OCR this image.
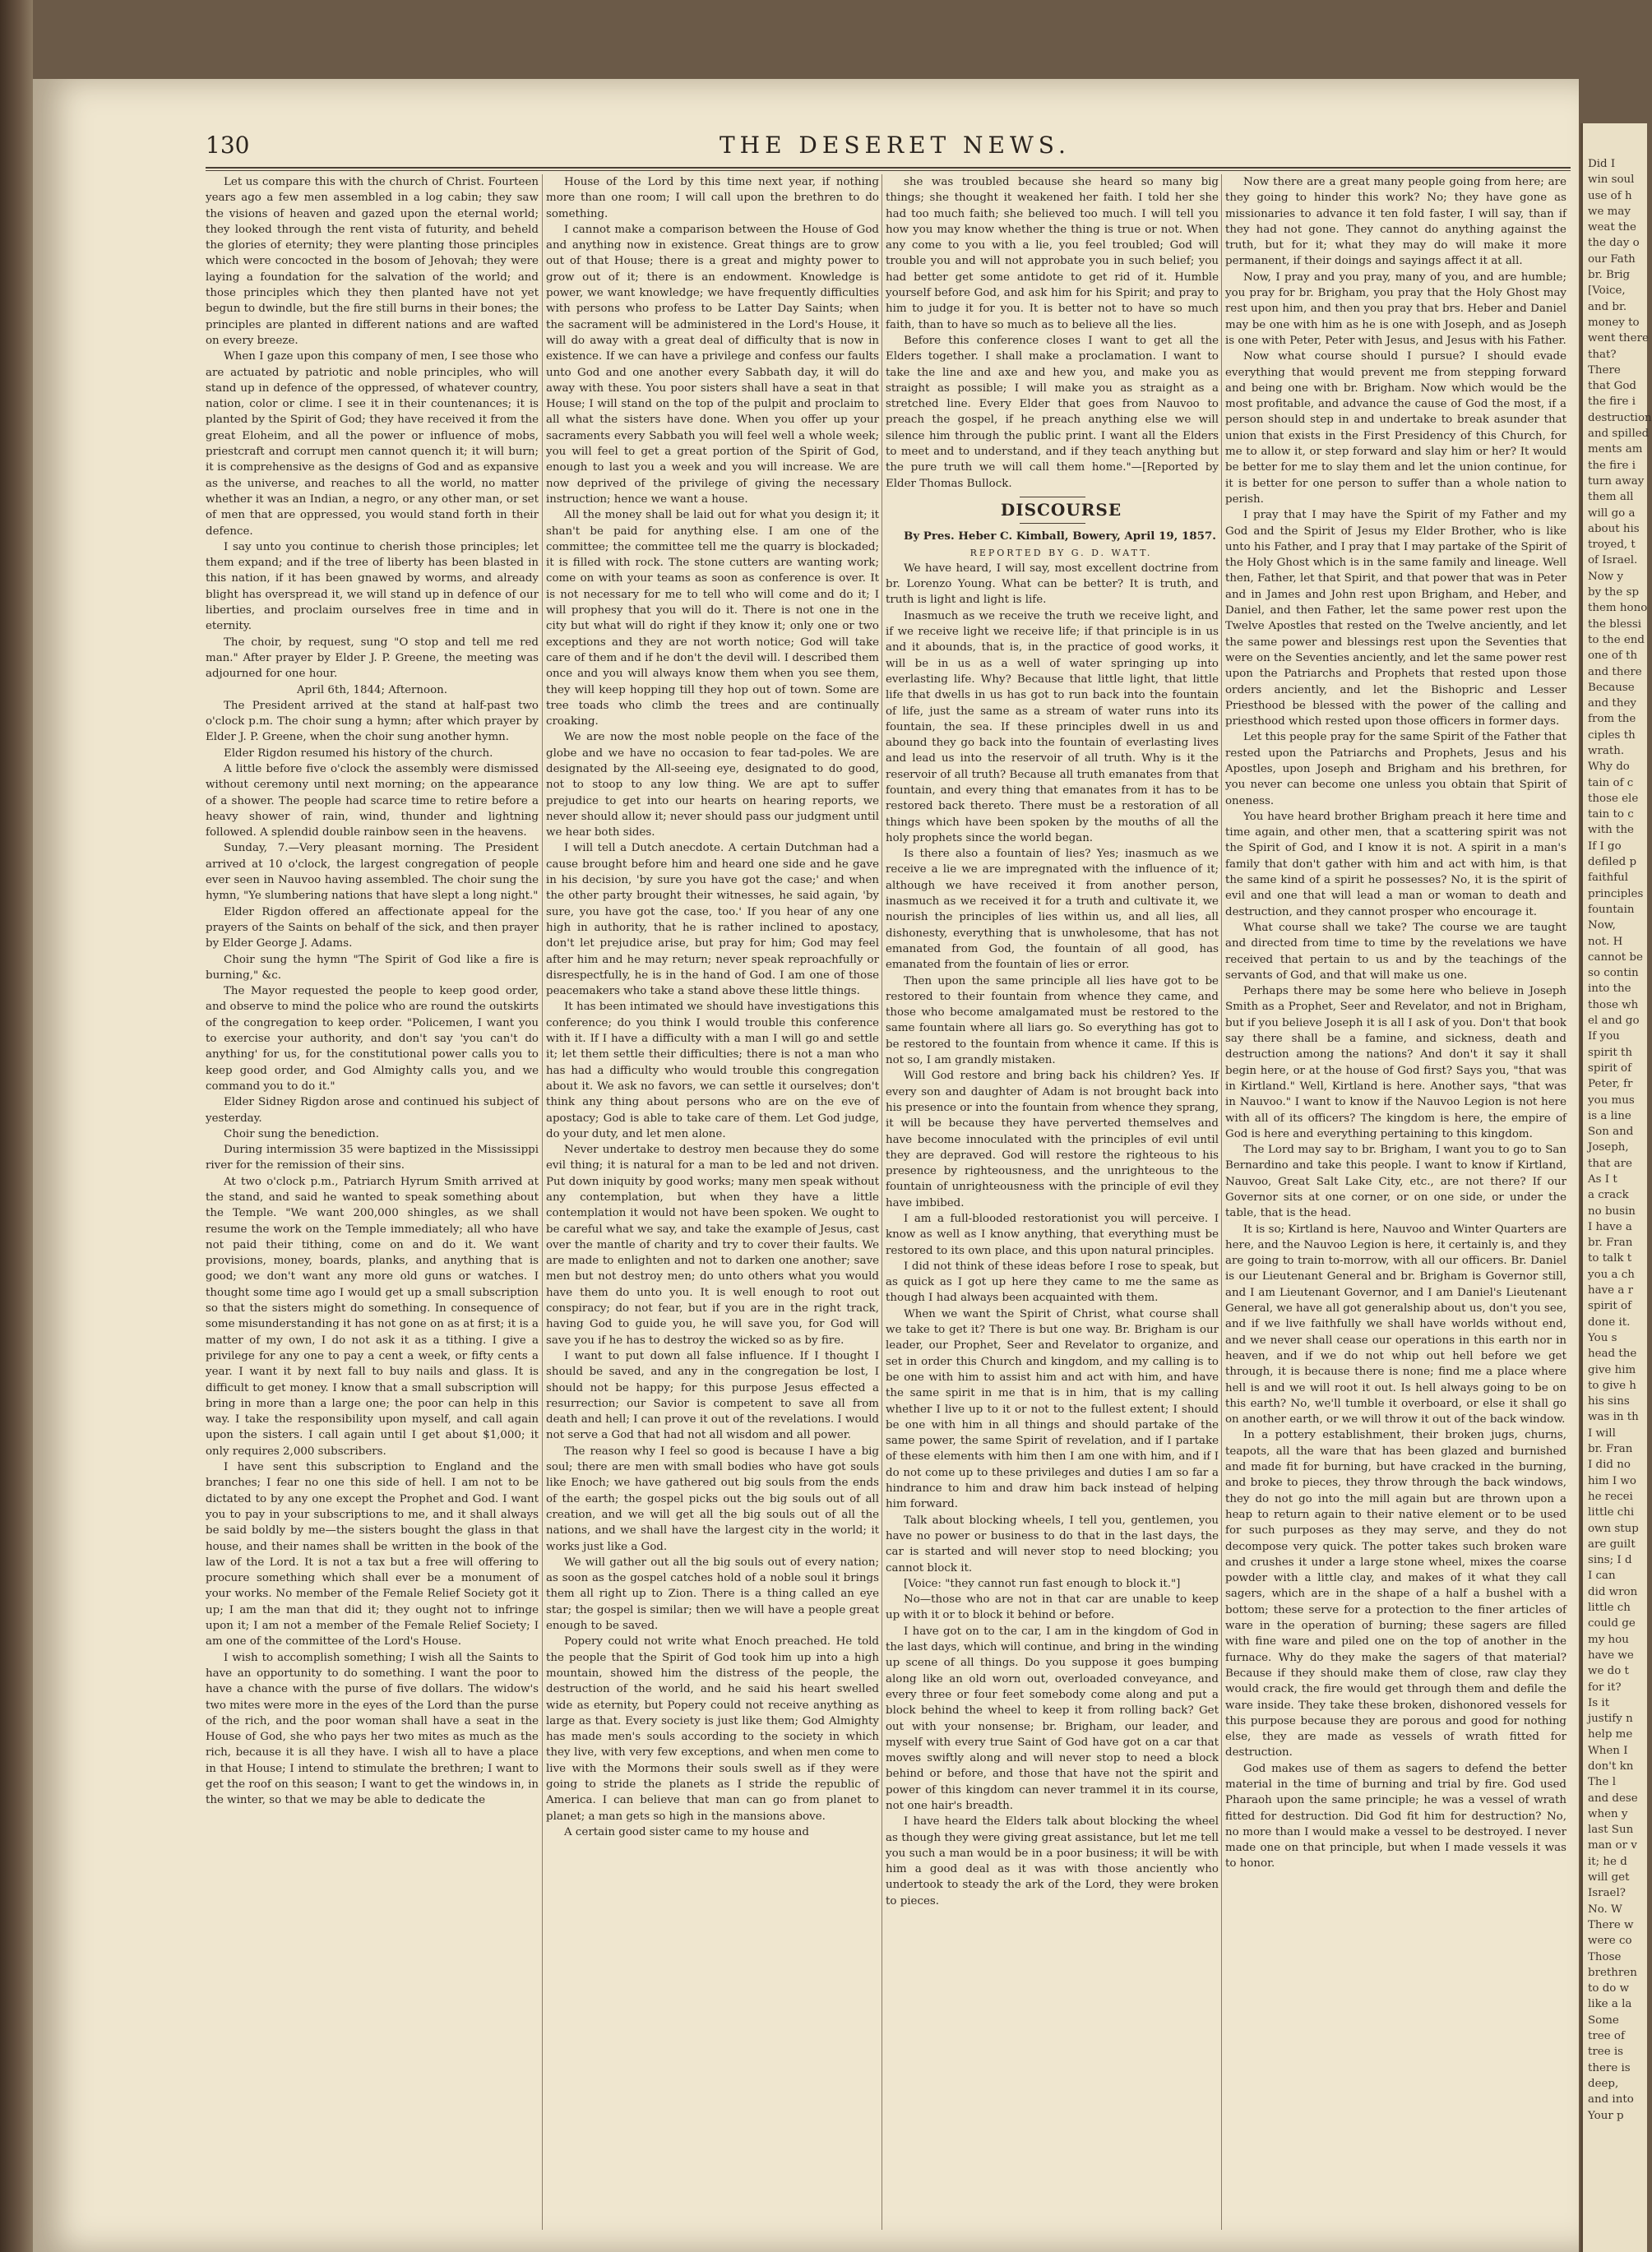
130	THE DESERET NEWS.

Let us compare this with the church of Christ. Fourteen years ago a few men assembled in a log cabin; they saw the visions of heaven and gazed upon the eternal world; they looked through the rent vista of futurity, and beheld the glories of eternity; they were planting those principles which were concocted in the bosom of Jehovah; they were laying a foundation for the salvation of the world; and those principles which they then planted have not yet begun to dwindle, but the fire still burns in their bones; the principles are planted in different nations and are wafted on every breeze.

When I gaze upon this company of men, I see those who are actuated by patriotic and noble principles, who will stand up in defence of the oppressed, of whatever country, nation, color or clime. I see it in their countenances; it is planted by the Spirit of God; they have received it from the great Eloheim, and all the power or influence of mobs, priestcraft and corrupt men cannot quench it; it will burn; it is comprehensive as the designs of God and as expansive as the universe, and reaches to all the world, no matter whether it was an Indian, a negro, or any other man, or set of men that are oppressed, you would stand forth in their defence.

I say unto you continue to cherish those principles; let them expand; and if the tree of liberty has been blasted in this nation, if it has been gnawed by worms, and already blight has overspread it, we will stand up in defence of our liberties, and proclaim ourselves free in time and in eternity.

The choir, by request, sung "O stop and tell me red man." After prayer by Elder J. P. Greene, the meeting was adjourned for one hour.

April 6th, 1844; Afternoon.

The President arrived at the stand at half-past two o'clock p.m. The choir sung a hymn; after which prayer by Elder J. P. Greene, when the choir sung another hymn.

Elder Rigdon resumed his history of the church.

A little before five o'clock the assembly were dismissed without ceremony until next morning; on the appearance of a shower. The people had scarce time to retire before a heavy shower of rain, wind, thunder and lightning followed. A splendid double rainbow seen in the heavens.

Sunday, 7.—Very pleasant morning. The President arrived at 10 o'clock, the largest congregation of people ever seen in Nauvoo having assembled. The choir sung the hymn, "Ye slumbering nations that have slept a long night."

Elder Rigdon offered an affectionate appeal for the prayers of the Saints on behalf of the sick, and then prayer by Elder George J. Adams.

Choir sung the hymn "The Spirit of God like a fire is burning," &c.

The Mayor requested the people to keep good order, and observe to mind the police who are round the outskirts of the congregation to keep order. "Policemen, I want you to exercise your authority, and don't say 'you can't do anything' for us, for the constitutional power calls you to keep good order, and God Almighty calls you, and we command you to do it."

Elder Sidney Rigdon arose and continued his subject of yesterday.

Choir sung the benediction.

During intermission 35 were baptized in the Mississippi river for the remission of their sins.

At two o'clock p.m., Patriarch Hyrum Smith arrived at the stand, and said he wanted to speak something about the Temple. "We want 200,000 shingles, as we shall resume the work on the Temple immediately; all who have not paid their tithing, come on and do it. We want provisions, money, boards, planks, and anything that is good; we don't want any more old guns or watches. I thought some time ago I would get up a small subscription so that the sisters might do something. In consequence of some misunderstanding it has not gone on as at first; it is a matter of my own, I do not ask it as a tithing. I give a privilege for any one to pay a cent a week, or fifty cents a year. I want it by next fall to buy nails and glass. It is difficult to get money. I know that a small subscription will bring in more than a large one; the poor can help in this way. I take the responsibility upon myself, and call again upon the sisters. I call again until I get about $1,000; it only requires 2,000 subscribers.

I have sent this subscription to England and the branches; I fear no one this side of hell. I am not to be dictated to by any one except the Prophet and God. I want you to pay in your subscriptions to me, and it shall always be said boldly by me—the sisters bought the glass in that house, and their names shall be written in the book of the law of the Lord. It is not a tax but a free will offering to procure something which shall ever be a monument of your works. No member of the Female Relief Society got it up; I am the man that did it; they ought not to infringe upon it; I am not a member of the Female Relief Society; I am one of the committee of the Lord's House.

I wish to accomplish something; I wish all the Saints to have an opportunity to do something. I want the poor to have a chance with the purse of five dollars. The widow's two mites were more in the eyes of the Lord than the purse of the rich, and the poor woman shall have a seat in the House of God, she who pays her two mites as much as the rich, because it is all they have. I wish all to have a place in that House; I intend to stimulate the brethren; I want to get the roof on this season; I want to get the windows in, in the winter, so that we may be able to dedicate the

House of the Lord by this time next year, if nothing more than one room; I will call upon the brethren to do something.

I cannot make a comparison between the House of God and anything now in existence. Great things are to grow out of that House; there is a great and mighty power to grow out of it; there is an endowment. Knowledge is power, we want knowledge; we have frequently difficulties with persons who profess to be Latter Day Saints; when the sacrament will be administered in the Lord's House, it will do away with a great deal of difficulty that is now in existence. If we can have a privilege and confess our faults unto God and one another every Sabbath day, it will do away with these. You poor sisters shall have a seat in that House; I will stand on the top of the pulpit and proclaim to all what the sisters have done. When you offer up your sacraments every Sabbath you will feel well a whole week; you will feel to get a great portion of the Spirit of God, enough to last you a week and you will increase. We are now deprived of the privilege of giving the necessary instruction; hence we want a house.

All the money shall be laid out for what you design it; it shan't be paid for anything else. I am one of the committee; the committee tell me the quarry is blockaded; it is filled with rock. The stone cutters are wanting work; come on with your teams as soon as conference is over. It is not necessary for me to tell who will come and do it; I will prophesy that you will do it. There is not one in the city but what will do right if they know it; only one or two exceptions and they are not worth notice; God will take care of them and if he don't the devil will. I described them once and you will always know them when you see them, they will keep hopping till they hop out of town. Some are tree toads who climb the trees and are continually croaking.

We are now the most noble people on the face of the globe and we have no occasion to fear tad-poles. We are designated by the All-seeing eye, designated to do good, not to stoop to any low thing. We are apt to suffer prejudice to get into our hearts on hearing reports, we never should allow it; never should pass our judgment until we hear both sides.

I will tell a Dutch anecdote. A certain Dutchman had a cause brought before him and heard one side and he gave in his decision, 'by sure you have got the case;' and when the other party brought their witnesses, he said again, 'by sure, you have got the case, too.' If you hear of any one high in authority, that he is rather inclined to apostacy, don't let prejudice arise, but pray for him; God may feel after him and he may return; never speak reproachfully or disrespectfully, he is in the hand of God. I am one of those peacemakers who take a stand above these little things.

It has been intimated we should have investigations this conference; do you think I would trouble this conference with it. If I have a difficulty with a man I will go and settle it; let them settle their difficulties; there is not a man who has had a difficulty who would trouble this congregation about it. We ask no favors, we can settle it ourselves; don't think any thing about persons who are on the eve of apostacy; God is able to take care of them. Let God judge, do your duty, and let men alone.

Never undertake to destroy men because they do some evil thing; it is natural for a man to be led and not driven. Put down iniquity by good works; many men speak without any contemplation, but when they have a little contemplation it would not have been spoken. We ought to be careful what we say, and take the example of Jesus, cast over the mantle of charity and try to cover their faults. We are made to enlighten and not to darken one another; save men but not destroy men; do unto others what you would have them do unto you. It is well enough to root out conspiracy; do not fear, but if you are in the right track, having God to guide you, he will save you, for God will save you if he has to destroy the wicked so as by fire.

I want to put down all false influence. If I thought I should be saved, and any in the congregation be lost, I should not be happy; for this purpose Jesus effected a resurrection; our Savior is competent to save all from death and hell; I can prove it out of the revelations. I would not serve a God that had not all wisdom and all power.

The reason why I feel so good is because I have a big soul; there are men with small bodies who have got souls like Enoch; we have gathered out big souls from the ends of the earth; the gospel picks out the big souls out of all creation, and we will get all the big souls out of all the nations, and we shall have the largest city in the world; it works just like a God.

We will gather out all the big souls out of every nation; as soon as the gospel catches hold of a noble soul it brings them all right up to Zion. There is a thing called an eye star; the gospel is similar; then we will have a people great enough to be saved.

Popery could not write what Enoch preached. He told the people that the Spirit of God took him up into a high mountain, showed him the distress of the people, the destruction of the world, and he said his heart swelled wide as eternity, but Popery could not receive anything as large as that. Every society is just like them; God Almighty has made men's souls according to the society in which they live, with very few exceptions, and when men come to live with the Mormons their souls swell as if they were going to stride the planets as I stride the republic of America. I can believe that man can go from planet to planet; a man gets so high in the mansions above.

A certain good sister came to my house and

she was troubled because she heard so many big things; she thought it weakened her faith. I told her she had too much faith; she believed too much. I will tell you how you may know whether the thing is true or not. When any come to you with a lie, you feel troubled; God will trouble you and will not approbate you in such belief; you had better get some antidote to get rid of it. Humble yourself before God, and ask him for his Spirit; and pray to him to judge it for you. It is better not to have so much faith, than to have so much as to believe all the lies.

Before this conference closes I want to get all the Elders together. I shall make a proclamation. I want to take the line and axe and hew you, and make you as straight as possible; I will make you as straight as a stretched line. Every Elder that goes from Nauvoo to preach the gospel, if he preach anything else we will silence him through the public print. I want all the Elders to meet and to understand, and if they teach anything but the pure truth we will call them home."—[Reported by Elder Thomas Bullock.

DISCOURSE

By Pres. Heber C. Kimball, Bowery, April 19, 1857.

REPORTED BY G. D. WATT.

We have heard, I will say, most excellent doctrine from br. Lorenzo Young. What can be better? It is truth, and truth is light and light is life.

Inasmuch as we receive the truth we receive light, and if we receive light we receive life; if that principle is in us and it abounds, that is, in the practice of good works, it will be in us as a well of water springing up into everlasting life. Why? Because that little light, that little life that dwells in us has got to run back into the fountain of life, just the same as a stream of water runs into its fountain, the sea. If these principles dwell in us and abound they go back into the fountain of everlasting lives and lead us into the reservoir of all truth. Why is it the reservoir of all truth? Because all truth emanates from that fountain, and every thing that emanates from it has to be restored back thereto. There must be a restoration of all things which have been spoken by the mouths of all the holy prophets since the world began.

Is there also a fountain of lies? Yes; inasmuch as we receive a lie we are impregnated with the influence of it; although we have received it from another person, inasmuch as we received it for a truth and cultivate it, we nourish the principles of lies within us, and all lies, all dishonesty, everything that is unwholesome, that has not emanated from God, the fountain of all good, has emanated from the fountain of lies or error.

Then upon the same principle all lies have got to be restored to their fountain from whence they came, and those who become amalgamated must be restored to the same fountain where all liars go. So everything has got to be restored to the fountain from whence it came. If this is not so, I am grandly mistaken.

Will God restore and bring back his children? Yes. If every son and daughter of Adam is not brought back into his presence or into the fountain from whence they sprang, it will be because they have perverted themselves and have become innoculated with the principles of evil until they are depraved. God will restore the righteous to his presence by righteousness, and the unrighteous to the fountain of unrighteousness with the principle of evil they have imbibed.

I am a full-blooded restorationist you will perceive. I know as well as I know anything, that everything must be restored to its own place, and this upon natural principles.

I did not think of these ideas before I rose to speak, but as quick as I got up here they came to me the same as though I had always been acquainted with them.

When we want the Spirit of Christ, what course shall we take to get it? There is but one way. Br. Brigham is our leader, our Prophet, Seer and Revelator to organize, and set in order this Church and kingdom, and my calling is to be one with him to assist him and act with him, and have the same spirit in me that is in him, that is my calling whether I live up to it or not to the fullest extent; I should be one with him in all things and should partake of the same power, the same Spirit of revelation, and if I partake of these elements with him then I am one with him, and if I do not come up to these privileges and duties I am so far a hindrance to him and draw him back instead of helping him forward.

Talk about blocking wheels, I tell you, gentlemen, you have no power or business to do that in the last days, the car is started and will never stop to need blocking; you cannot block it.

[Voice: "they cannot run fast enough to block it."]

No—those who are not in that car are unable to keep up with it or to block it behind or before.

I have got on to the car, I am in the kingdom of God in the last days, which will continue, and bring in the winding up scene of all things. Do you suppose it goes bumping along like an old worn out, overloaded conveyance, and every three or four feet somebody come along and put a block behind the wheel to keep it from rolling back? Get out with your nonsense; br. Brigham, our leader, and myself with every true Saint of God have got on a car that moves swiftly along and will never stop to need a block behind or before, and those that have not the spirit and power of this kingdom can never trammel it in its course, not one hair's breadth.

I have heard the Elders talk about blocking the wheel as though they were giving great assistance, but let me tell you such a man would be in a poor business; it will be with him a good deal as it was with those anciently who undertook to steady the ark of the Lord, they were broken to pieces.

Now there are a great many people going from here; are they going to hinder this work? No; they have gone as missionaries to advance it ten fold faster, I will say, than if they had not gone. They cannot do anything against the truth, but for it; what they may do will make it more permanent, if their doings and sayings affect it at all.

Now, I pray and you pray, many of you, and are humble; you pray for br. Brigham, you pray that the Holy Ghost may rest upon him, and then you pray that brs. Heber and Daniel may be one with him as he is one with Joseph, and as Joseph is one with Peter, Peter with Jesus, and Jesus with his Father.

Now what course should I pursue? I should evade everything that would prevent me from stepping forward and being one with br. Brigham. Now which would be the most profitable, and advance the cause of God the most, if a person should step in and undertake to break asunder that union that exists in the First Presidency of this Church, for me to allow it, or step forward and slay him or her? It would be better for me to slay them and let the union continue, for it is better for one person to suffer than a whole nation to perish.

I pray that I may have the Spirit of my Father and my God and the Spirit of Jesus my Elder Brother, who is like unto his Father, and I pray that I may partake of the Spirit of the Holy Ghost which is in the same family and lineage. Well then, Father, let that Spirit, and that power that was in Peter and in James and John rest upon Brigham, and Heber, and Daniel, and then Father, let the same power rest upon the Twelve Apostles that rested on the Twelve anciently, and let the same power and blessings rest upon the Seventies that were on the Seventies anciently, and let the same power rest upon the Patriarchs and Prophets that rested upon those orders anciently, and let the Bishopric and Lesser Priesthood be blessed with the power of the calling and priesthood which rested upon those officers in former days.

Let this people pray for the same Spirit of the Father that rested upon the Patriarchs and Prophets, Jesus and his Apostles, upon Joseph and Brigham and his brethren, for you never can become one unless you obtain that Spirit of oneness.

You have heard brother Brigham preach it here time and time again, and other men, that a scattering spirit was not the Spirit of God, and I know it is not. A spirit in a man's family that don't gather with him and act with him, is that the same kind of a spirit he possesses? No, it is the spirit of evil and one that will lead a man or woman to death and destruction, and they cannot prosper who encourage it.

What course shall we take? The course we are taught and directed from time to time by the revelations we have received that pertain to us and by the teachings of the servants of God, and that will make us one.

Perhaps there may be some here who believe in Joseph Smith as a Prophet, Seer and Revelator, and not in Brigham, but if you believe Joseph it is all I ask of you. Don't that book say there shall be a famine, and sickness, death and destruction among the nations? And don't it say it shall begin here, or at the house of God first? Says you, "that was in Kirtland." Well, Kirtland is here. Another says, "that was in Nauvoo." I want to know if the Nauvoo Legion is not here with all of its officers? The kingdom is here, the empire of God is here and everything pertaining to this kingdom.

The Lord may say to br. Brigham, I want you to go to San Bernardino and take this people. I want to know if Kirtland, Nauvoo, Great Salt Lake City, etc., are not there? If our Governor sits at one corner, or on one side, or under the table, that is the head.

It is so; Kirtland is here, Nauvoo and Winter Quarters are here, and the Nauvoo Legion is here, it certainly is, and they are going to train to-morrow, with all our officers. Br. Daniel is our Lieutenant General and br. Brigham is Governor still, and I am Lieutenant Governor, and I am Daniel's Lieutenant General, we have all got generalship about us, don't you see, and if we live faithfully we shall have worlds without end, and we never shall cease our operations in this earth nor in heaven, and if we do not whip out hell before we get through, it is because there is none; find me a place where hell is and we will root it out. Is hell always going to be on this earth? No, we'll tumble it overboard, or else it shall go on another earth, or we will throw it out of the back window.

In a pottery establishment, their broken jugs, churns, teapots, all the ware that has been glazed and burnished and made fit for burning, but have cracked in the burning, and broke to pieces, they throw through the back windows, they do not go into the mill again but are thrown upon a heap to return again to their native element or to be used for such purposes as they may serve, and they do not decompose very quick. The potter takes such broken ware and crushes it under a large stone wheel, mixes the coarse powder with a little clay, and makes of it what they call sagers, which are in the shape of a half a bushel with a bottom; these serve for a protection to the finer articles of ware in the operation of burning; these sagers are filled with fine ware and piled one on the top of another in the furnace. Why do they make the sagers of that material? Because if they should make them of close, raw clay they would crack, the fire would get through them and defile the ware inside. They take these broken, dishonored vessels for this purpose because they are porous and good for nothing else, they are made as vessels of wrath fitted for destruction.

God makes use of them as sagers to defend the better material in the time of burning and trial by fire. God used Pharaoh upon the same principle; he was a vessel of wrath fitted for destruction. Did God fit him for destruction? No, no more than I would make a vessel to be destroyed. I never made one on that principle, but when I made vessels it was to honor.

Did I
win soul
use of h
we may
weat the
the day o
our Fath
br. Brig
[Voice,
and br.
money to
went there
that?
There
that God
the fire i
destruction
and spilled
ments am
the fire i
turn away
them all
will go a
about his
troyed, t
of Israel.
Now y
by the sp
them hono
the blessi
to the end
one of th
and there
Because
and they
from the
ciples th
wrath.
Why do
tain of c
those ele
tain to c
with the
If I go
defiled p
faithful
principles
fountain
Now,
not. H
cannot be
so contin
into the
those wh
el and go
If you
spirit th
spirit of
Peter, fr
you mus
is a line
Son and
Joseph,
that are
As I t
a crack
no busin
I have a
br. Fran
to talk t
you a ch
have a r
spirit of
done it.
You s
head the
give him
to give h
his sins
was in th
I will
br. Fran
I did no
him I wo
he recei
little chi
own stup
are guilt
sins; I d
I can
did wron
little ch
could ge
my hou
have we
we do t
for it?
Is it
justify n
help me
When I
don't kn
The l
and dese
when y
last Sun
man or v
it; he d
will get
Israel?
No. W
There w
were co
Those
brethren
to do w
like a la
Some
tree of
tree is
there is
deep,
and into
Your p
